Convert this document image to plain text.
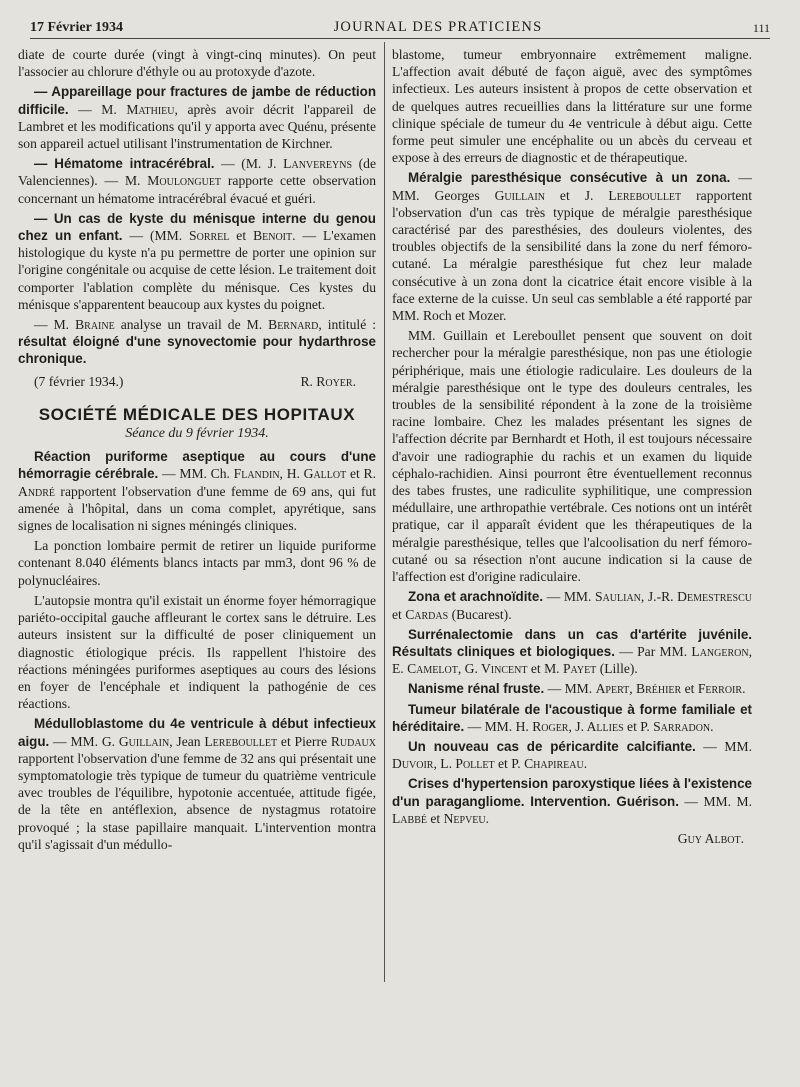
17 Février 1934	JOURNAL DES PRATICIENS	111

diate de courte durée (vingt à vingt-cinq minutes). On peut l'associer au chlorure d'éthyle ou au protoxyde d'azote.

— Appareillage pour fractures de jambe de réduction difficile. — M. Mathieu, après avoir décrit l'appareil de Lambret et les modifications qu'il y apporta avec Quénu, présente son appareil actuel utilisant l'instrumentation de Kirchner.

— Hématome intracérébral. — (M. J. Lanvereyns (de Valenciennes). — M. Moulonguet rapporte cette observation concernant un hématome intracérébral évacué et guéri.

— Un cas de kyste du ménisque interne du genou chez un enfant. — (MM. Sorrel et Benoit. — L'examen histologique du kyste n'a pu permettre de porter une opinion sur l'origine congénitale ou acquise de cette lésion. Le traitement doit comporter l'ablation complète du ménisque. Ces kystes du ménisque s'apparentent beaucoup aux kystes du poignet.

— M. Braine analyse un travail de M. Bernard, intitulé : résultat éloigné d'une synovectomie pour hydarthrose chronique.

(7 février 1934.)	R. Royer.
SOCIÉTÉ MÉDICALE DES HOPITAUX
Séance du 9 février 1934.

Réaction puriforme aseptique au cours d'une hémorragie cérébrale. — MM. Ch. Flandin, H. Gallot et R. André rapportent l'observation d'une femme de 69 ans, qui fut amenée à l'hôpital, dans un coma complet, apyrétique, sans signes de localisation ni signes méningés cliniques.

La ponction lombaire permit de retirer un liquide puriforme contenant 8.040 éléments blancs intacts par mm3, dont 96 % de polynucléaires.

L'autopsie montra qu'il existait un énorme foyer hémorragique pariéto-occipital gauche affleurant le cortex sans le détruire. Les auteurs insistent sur la difficulté de poser cliniquement un diagnostic étiologique précis. Ils rappellent l'histoire des réactions méningées puriformes aseptiques au cours des lésions en foyer de l'encéphale et indiquent la pathogénie de ces réactions.

Médulloblastome du 4e ventricule à début infectieux aigu. — MM. G. Guillain, Jean Lereboullet et Pierre Rudaux rapportent l'observation d'une femme de 32 ans qui présentait une symptomatologie très typique de tumeur du quatrième ventricule avec troubles de l'équilibre, hypotonie accentuée, attitude figée, de la tête en antéflexion, absence de nystagmus rotatoire provoqué ; la stase papillaire manquait. L'intervention montra qu'il s'agissait d'un médullo-

blastome, tumeur embryonnaire extrêmement maligne. L'affection avait débuté de façon aiguë, avec des symptômes infectieux. Les auteurs insistent à propos de cette observation et de quelques autres recueillies dans la littérature sur une forme clinique spéciale de tumeur du 4e ventricule à début aigu. Cette forme peut simuler une encéphalite ou un abcès du cerveau et expose à des erreurs de diagnostic et de thérapeutique.

Méralgie paresthésique consécutive à un zona. — MM. Georges Guillain et J. Lereboullet rapportent l'observation d'un cas très typique de méralgie paresthésique caractérisé par des paresthésies, des douleurs violentes, des troubles objectifs de la sensibilité dans la zone du nerf fémoro-cutané. La méralgie paresthésique fut chez leur malade consécutive à un zona dont la cicatrice était encore visible à la face externe de la cuisse. Un seul cas semblable a été rapporté par MM. Roch et Mozer.

MM. Guillain et Lereboullet pensent que souvent on doit rechercher pour la méralgie paresthésique, non pas une étiologie périphérique, mais une étiologie radiculaire. Les douleurs de la méralgie paresthésique ont le type des douleurs centrales, les troubles de la sensibilité répondent à la zone de la troisième racine lombaire. Chez les malades présentant les signes de l'affection décrite par Bernhardt et Hoth, il est toujours nécessaire d'avoir une radiographie du rachis et un examen du liquide céphalo-rachidien. Ainsi pourront être éventuellement reconnus des tabes frustes, une radiculite syphilitique, une compression médullaire, une arthropathie vertébrale. Ces notions ont un intérêt pratique, car il apparaît évident que les thérapeutiques de la méralgie paresthésique, telles que l'alcoolisation du nerf fémoro-cutané ou sa résection n'ont aucune indication si la cause de l'affection est d'origine radiculaire.

Zona et arachnoïdite. — MM. Saulian, J.-R. Demestrescu et Cardas (Bucarest).

Surrénalectomie dans un cas d'artérite juvénile. Résultats cliniques et biologiques. — Par MM. Langeron, E. Camelot, G. Vincent et M. Payet (Lille).

Nanisme rénal fruste. — MM. Apert, Bréhier et Ferroir.

Tumeur bilatérale de l'acoustique à forme familiale et héréditaire. — MM. H. Roger, J. Allies et P. Sarradon.

Un nouveau cas de péricardite calcifiante. — MM. Duvoir, L. Pollet et P. Chapireau.

Crises d'hypertension paroxystique liées à l'existence d'un paragangliome. Intervention. Guérison. — MM. M. Labbé et Nepveu.

Guy Albot.
